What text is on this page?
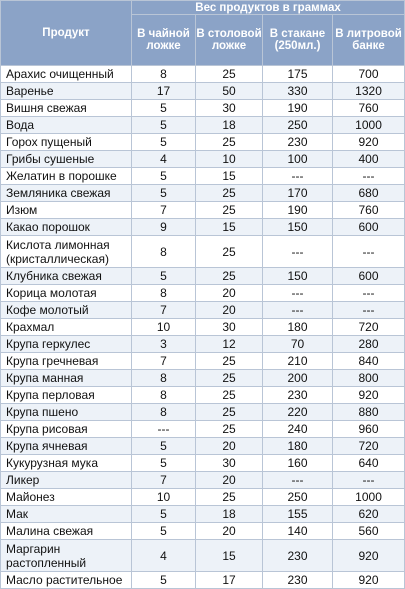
Продукт	Вес продуктов в граммах			
	В чайной ложке	В столовой ложке	В стакане (250мл.)	В литровой банке
Арахис очищенный	8	25	175	700
Варенье	17	50	330	1320
Вишня свежая	5	30	190	760
Вода	5	18	250	1000
Горох пущеный	5	25	230	920
Грибы сушеные	4	10	100	400
Желатин в порошке	5	15	---	---
Земляника свежая	5	25	170	680
Изюм	7	25	190	760
Какао порошок	9	15	150	600
Кислота лимонная (кристаллическая)	8	25	---	---
Клубника свежая	5	25	150	600
Корица молотая	8	20	---	---
Кофе молотый	7	20	---	---
Крахмал	10	30	180	720
Крупа геркулес	3	12	70	280
Крупа гречневая	7	25	210	840
Крупа манная	8	25	200	800
Крупа перловая	8	25	230	920
Крупа пшено	8	25	220	880
Крупа рисовая	---	25	240	960
Крупа ячневая	5	20	180	720
Кукурузная мука	5	30	160	640
Ликер	7	20	---	---
Майонез	10	25	250	1000
Мак	5	18	155	620
Малина свежая	5	20	140	560
Маргарин растопленный	4	15	230	920
Масло растительное	5	17	230	920
